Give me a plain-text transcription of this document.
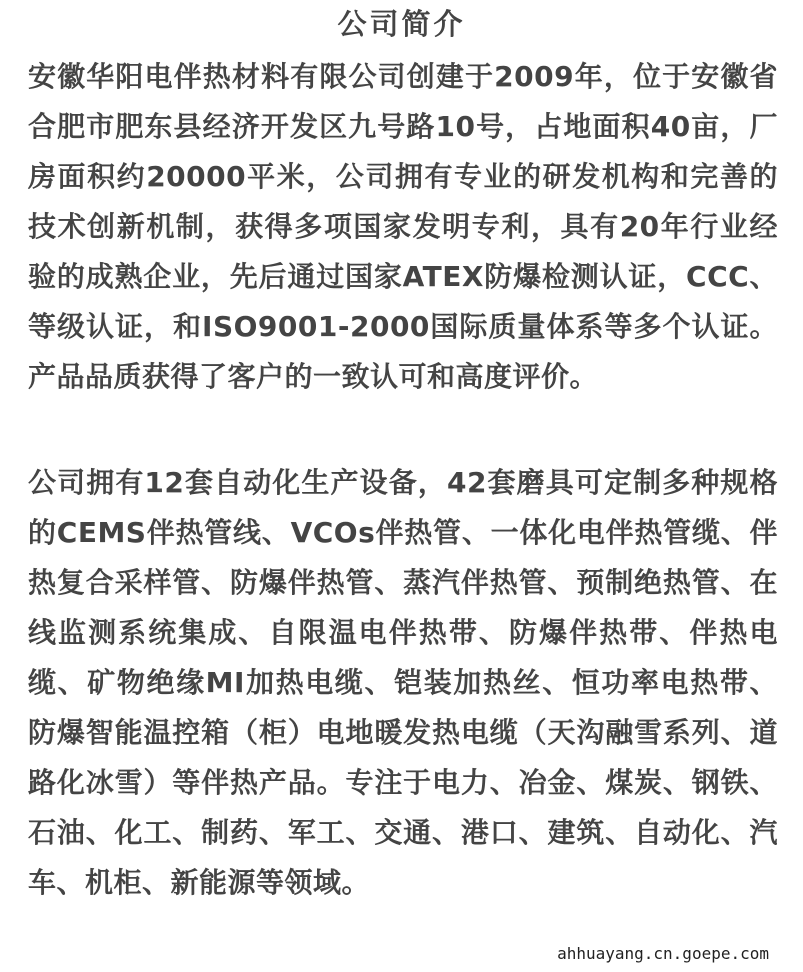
公司简介
安徽华阳电伴热材料有限公司创建于2009年，位于安徽省合肥市肥东县经济开发区九号路10号，占地面积40亩，厂房面积约20000平米，公司拥有专业的研发机构和完善的技术创新机制，获得多项国家发明专利，具有20年行业经验的成熟企业，先后通过国家ATEX防爆检测认证，CCC、等级认证，和ISO9001-2000国际质量体系等多个认证。产品品质获得了客户的一致认可和高度评价。
公司拥有12套自动化生产设备，42套磨具可定制多种规格的CEMS伴热管线、VCOs伴热管、一体化电伴热管缆、伴热复合采样管、防爆伴热管、蒸汽伴热管、预制绝热管、在线监测系统集成、自限温电伴热带、防爆伴热带、伴热电缆、矿物绝缘MI加热电缆、铠装加热丝、恒功率电热带、防爆智能温控箱（柜）电地暖发热电缆（天沟融雪系列、道路化冰雪）等伴热产品。专注于电力、冶金、煤炭、钢铁、石油、化工、制药、军工、交通、港口、建筑、自动化、汽车、机柜、新能源等领域。
ahhuayang.cn.goepe.com
